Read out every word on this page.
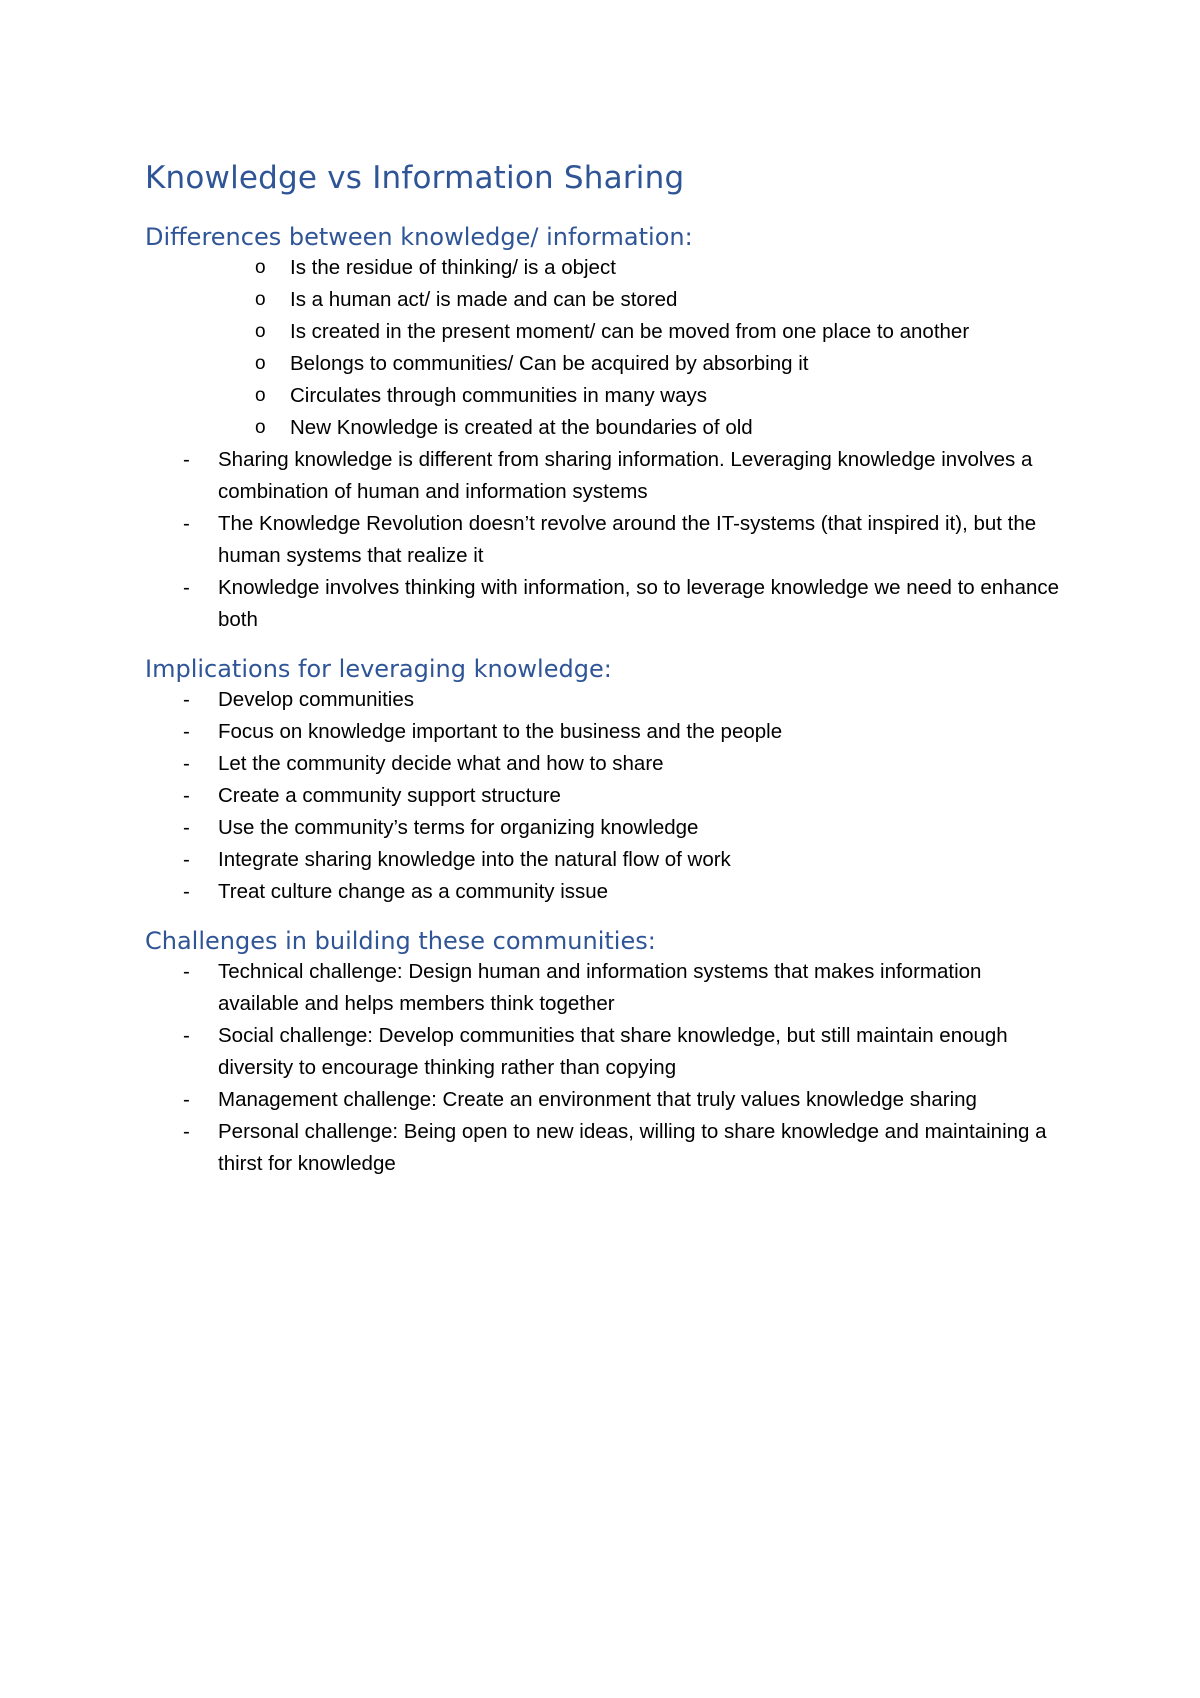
Knowledge vs Information Sharing
Differences between knowledge/ information:
o Is the residue of thinking/ is a object
o Is a human act/ is made and can be stored
o Is created in the present moment/ can be moved from one place to another
o Belongs to communities/ Can be acquired by absorbing it
o Circulates through communities in many ways
o New Knowledge is created at the boundaries of old
- Sharing knowledge is different from sharing information. Leveraging knowledge involves a combination of human and information systems
- The Knowledge Revolution doesn’t revolve around the IT-systems (that inspired it), but the human systems that realize it
- Knowledge involves thinking with information, so to leverage knowledge we need to enhance both
Implications for leveraging knowledge:
- Develop communities
- Focus on knowledge important to the business and the people
- Let the community decide what and how to share
- Create a community support structure
- Use the community’s terms for organizing knowledge
- Integrate sharing knowledge into the natural flow of work
- Treat culture change as a community issue
Challenges in building these communities:
- Technical challenge: Design human and information systems that makes information available and helps members think together
- Social challenge: Develop communities that share knowledge, but still maintain enough diversity to encourage thinking rather than copying
- Management challenge: Create an environment that truly values knowledge sharing
- Personal challenge: Being open to new ideas, willing to share knowledge and maintaining a thirst for knowledge
